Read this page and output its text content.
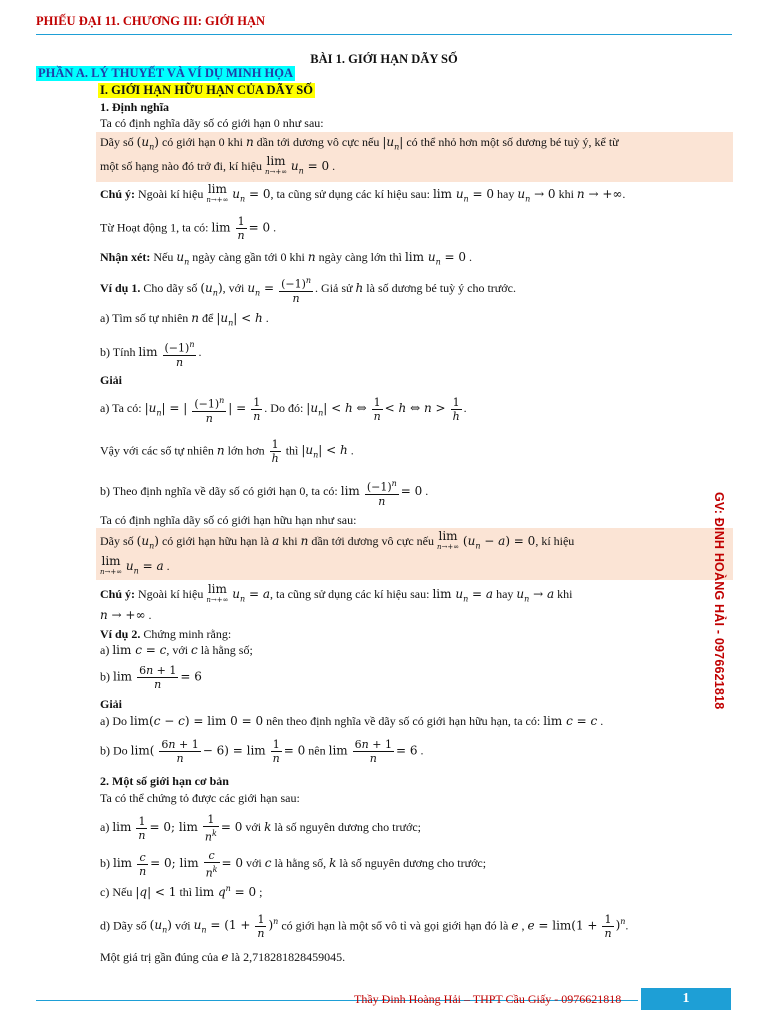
PHIẾU ĐẠI 11. CHƯƠNG III: GIỚI HẠN
BÀI 1. GIỚI HẠN DÃY SỐ
PHẦN A. LÝ THUYẾT VÀ VÍ DỤ MINH HỌA
I. GIỚI HẠN HỮU HẠN CỦA DÃY SỐ
1. Định nghĩa
Ta có định nghĩa dãy số có giới hạn 0 như sau:
Dãy số $(u_n)$ có giới hạn 0 khi n dần tới dương vô cực nếu $|u_n|$ có thể nhỏ hơn một số dương bé tuỳ ý, kể từ
một số hạng nào đó trở đi, kí hiệu lim
n→+∞ $u_n = 0$ .
Chú ý: Ngoài kí hiệu lim
n→+∞ $u_n = 0$, ta cũng sử dụng các kí hiệu sau: $\lim u_n = 0$ hay $u_n \to 0$ khi n → +∞.
Từ Hoạt động 1, ta có: $\lim \frac{1}{n} = 0$ .
Nhận xét: Nếu $u_n$ ngày càng gần tới 0 khi n ngày càng lớn thì $\lim u_n = 0$ .
Ví dụ 1. Cho dãy số $(u_n)$, với $u_n = \frac{(-1)^n}{n}$ . Giả sử h là số dương bé tuỳ ý cho trước.
a) Tìm số tự nhiên n để $|u_n| < h$ .
b) Tính $\lim \frac{(-1)^n}{n}$ .
Giải
a) Ta có: $|u_n|$ = | $\frac{(-1)^n}{n}$ | = $\frac{1}{n}$ . Do đó: $|u_n| < h$ ⇔ $\frac{1}{n} < h$ ⇔ $n > \frac{1}{h}$ .
Vậy với các số tự nhiên n lớn hơn $\frac{1}{h}$ thì $|u_n| < h$ .
b) Theo định nghĩa về dãy số có giới hạn 0, ta có: $\lim \frac{(-1)^n}{n} = 0$ .
Ta có định nghĩa dãy số có giới hạn hữu hạn như sau:
Dãy số $(u_n)$ có giới hạn hữu hạn là a khi n dần tới dương vô cực nếu lim
n→+∞ $(u_n - a) = 0$, kí hiệu
lim
n→+∞ $u_n = a$ .
Chú ý: Ngoài kí hiệu lim
n→+∞ $u_n = a$, ta cũng sử dụng các kí hiệu sau: $\lim u_n = a$ hay $u_n \to a$ khi
n → +∞ .
Ví dụ 2. Chứng minh rằng:
a) lim c = c, với c là hằng số;
b) $\lim \frac{6n + 1}{n} = 6$
Giải
a) Do lim(c − c) = lim 0 = 0 nên theo định nghĩa về dãy số có giới hạn hữu hạn, ta có: lim c = c .
b) Do $\lim( \frac{6n + 1}{n} - 6) = \lim \frac{1}{n} = 0$ nên $\lim \frac{6n + 1}{n} = 6$ .
2. Một số giới hạn cơ bản
Ta có thể chứng tỏ được các giới hạn sau:
a) $\lim \frac{1}{n} = 0$; $\lim \frac{1}{n^k} = 0$ với k là số nguyên dương cho trước;
b) $\lim \frac{c}{n} = 0$; $\lim \frac{c}{n^k} = 0$ với c là hằng số, k là số nguyên dương cho trước;
c) Nếu |q| < 1 thì $\lim q^n = 0$ ;
d) Dãy số $(u_n)$ với $u_n = (1 + \frac{1}{n} )^n$ có giới hạn là một số vô tỉ và gọi giới hạn đó là e , $e = \lim(1 + \frac{1}{n} )^n$.
Một giá trị gần đúng của e là 2,718281828459045.
GV: ĐINH HOÀNG HẢI - 0976621818
Thầy Đinh Hoàng Hải – THPT Cầu Giấy - 0976621818	1
